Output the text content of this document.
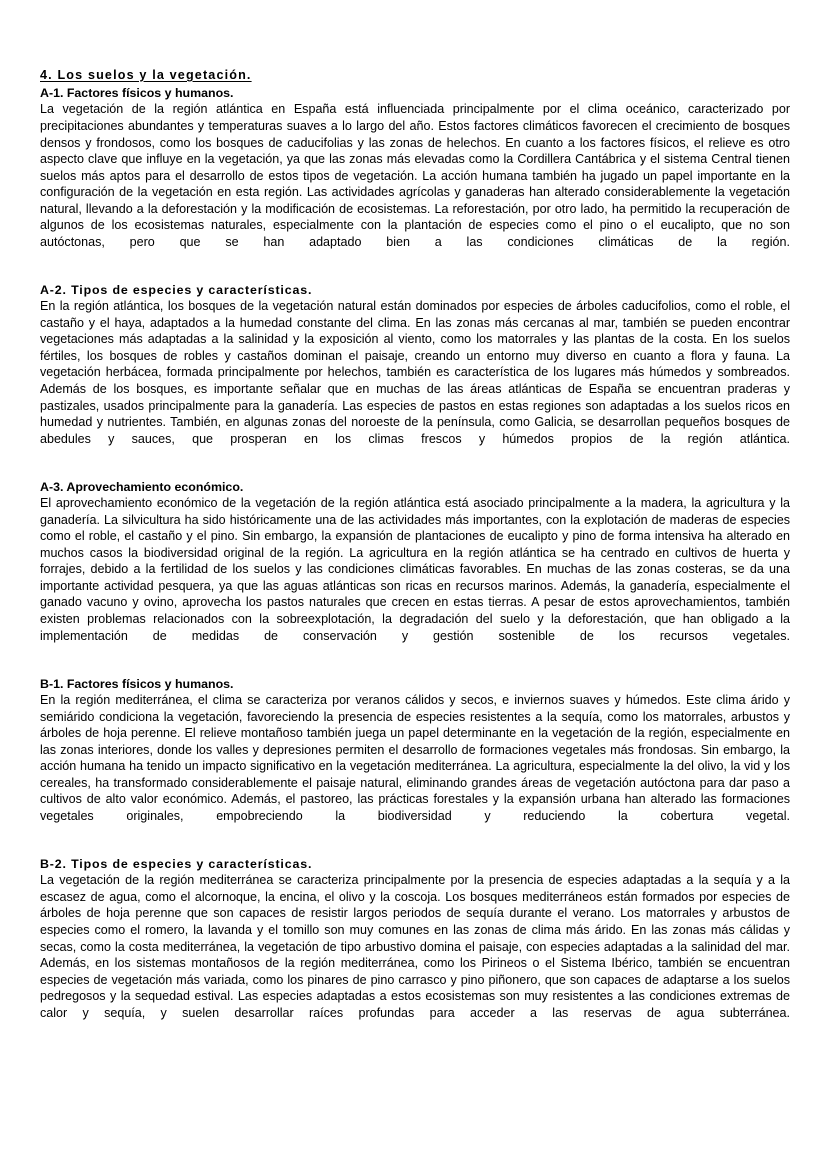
4. Los suelos y la vegetación.
A-1. Factores físicos y humanos.

La vegetación de la región atlántica en España está influenciada principalmente por el clima oceánico, caracterizado por precipitaciones abundantes y temperaturas suaves a lo largo del año. Estos factores climáticos favorecen el crecimiento de bosques densos y frondosos, como los bosques de caducifolias y las zonas de helechos. En cuanto a los factores físicos, el relieve es otro aspecto clave que influye en la vegetación, ya que las zonas más elevadas como la Cordillera Cantábrica y el sistema Central tienen suelos más aptos para el desarrollo de estos tipos de vegetación. La acción humana también ha jugado un papel importante en la configuración de la vegetación en esta región. Las actividades agrícolas y ganaderas han alterado considerablemente la vegetación natural, llevando a la deforestación y la modificación de ecosistemas. La reforestación, por otro lado, ha permitido la recuperación de algunos de los ecosistemas naturales, especialmente con la plantación de especies como el pino o el eucalipto, que no son autóctonas, pero que se han adaptado bien a las condiciones climáticas de la región.

A-2. Tipos de especies y características.

En la región atlántica, los bosques de la vegetación natural están dominados por especies de árboles caducifolios, como el roble, el castaño y el haya, adaptados a la humedad constante del clima. En las zonas más cercanas al mar, también se pueden encontrar vegetaciones más adaptadas a la salinidad y la exposición al viento, como los matorrales y las plantas de la costa. En los suelos fértiles, los bosques de robles y castaños dominan el paisaje, creando un entorno muy diverso en cuanto a flora y fauna. La vegetación herbácea, formada principalmente por helechos, también es característica de los lugares más húmedos y sombreados. Además de los bosques, es importante señalar que en muchas de las áreas atlánticas de España se encuentran praderas y pastizales, usados principalmente para la ganadería. Las especies de pastos en estas regiones son adaptadas a los suelos ricos en humedad y nutrientes. También, en algunas zonas del noroeste de la península, como Galicia, se desarrollan pequeños bosques de abedules y sauces, que prosperan en los climas frescos y húmedos propios de la región atlántica.

A-3. Aprovechamiento económico.

El aprovechamiento económico de la vegetación de la región atlántica está asociado principalmente a la madera, la agricultura y la ganadería. La silvicultura ha sido históricamente una de las actividades más importantes, con la explotación de maderas de especies como el roble, el castaño y el pino. Sin embargo, la expansión de plantaciones de eucalipto y pino de forma intensiva ha alterado en muchos casos la biodiversidad original de la región. La agricultura en la región atlántica se ha centrado en cultivos de huerta y forrajes, debido a la fertilidad de los suelos y las condiciones climáticas favorables. En muchas de las zonas costeras, se da una importante actividad pesquera, ya que las aguas atlánticas son ricas en recursos marinos. Además, la ganadería, especialmente el ganado vacuno y ovino, aprovecha los pastos naturales que crecen en estas tierras. A pesar de estos aprovechamientos, también existen problemas relacionados con la sobreexplotación, la degradación del suelo y la deforestación, que han obligado a la implementación de medidas de conservación y gestión sostenible de los recursos vegetales.

B-1. Factores físicos y humanos.

En la región mediterránea, el clima se caracteriza por veranos cálidos y secos, e inviernos suaves y húmedos. Este clima árido y semiárido condiciona la vegetación, favoreciendo la presencia de especies resistentes a la sequía, como los matorrales, arbustos y árboles de hoja perenne. El relieve montañoso también juega un papel determinante en la vegetación de la región, especialmente en las zonas interiores, donde los valles y depresiones permiten el desarrollo de formaciones vegetales más frondosas. Sin embargo, la acción humana ha tenido un impacto significativo en la vegetación mediterránea. La agricultura, especialmente la del olivo, la vid y los cereales, ha transformado considerablemente el paisaje natural, eliminando grandes áreas de vegetación autóctona para dar paso a cultivos de alto valor económico. Además, el pastoreo, las prácticas forestales y la expansión urbana han alterado las formaciones vegetales originales, empobreciendo la biodiversidad y reduciendo la cobertura vegetal.

B-2. Tipos de especies y características.

La vegetación de la región mediterránea se caracteriza principalmente por la presencia de especies adaptadas a la sequía y a la escasez de agua, como el alcornoque, la encina, el olivo y la coscoja. Los bosques mediterráneos están formados por especies de árboles de hoja perenne que son capaces de resistir largos periodos de sequía durante el verano. Los matorrales y arbustos de especies como el romero, la lavanda y el tomillo son muy comunes en las zonas de clima más árido. En las zonas más cálidas y secas, como la costa mediterránea, la vegetación de tipo arbustivo domina el paisaje, con especies adaptadas a la salinidad del mar. Además, en los sistemas montañosos de la región mediterránea, como los Pirineos o el Sistema Ibérico, también se encuentran especies de vegetación más variada, como los pinares de pino carrasco y pino piñonero, que son capaces de adaptarse a los suelos pedregosos y la sequedad estival. Las especies adaptadas a estos ecosistemas son muy resistentes a las condiciones extremas de calor y sequía, y suelen desarrollar raíces profundas para acceder a las reservas de agua subterránea.
